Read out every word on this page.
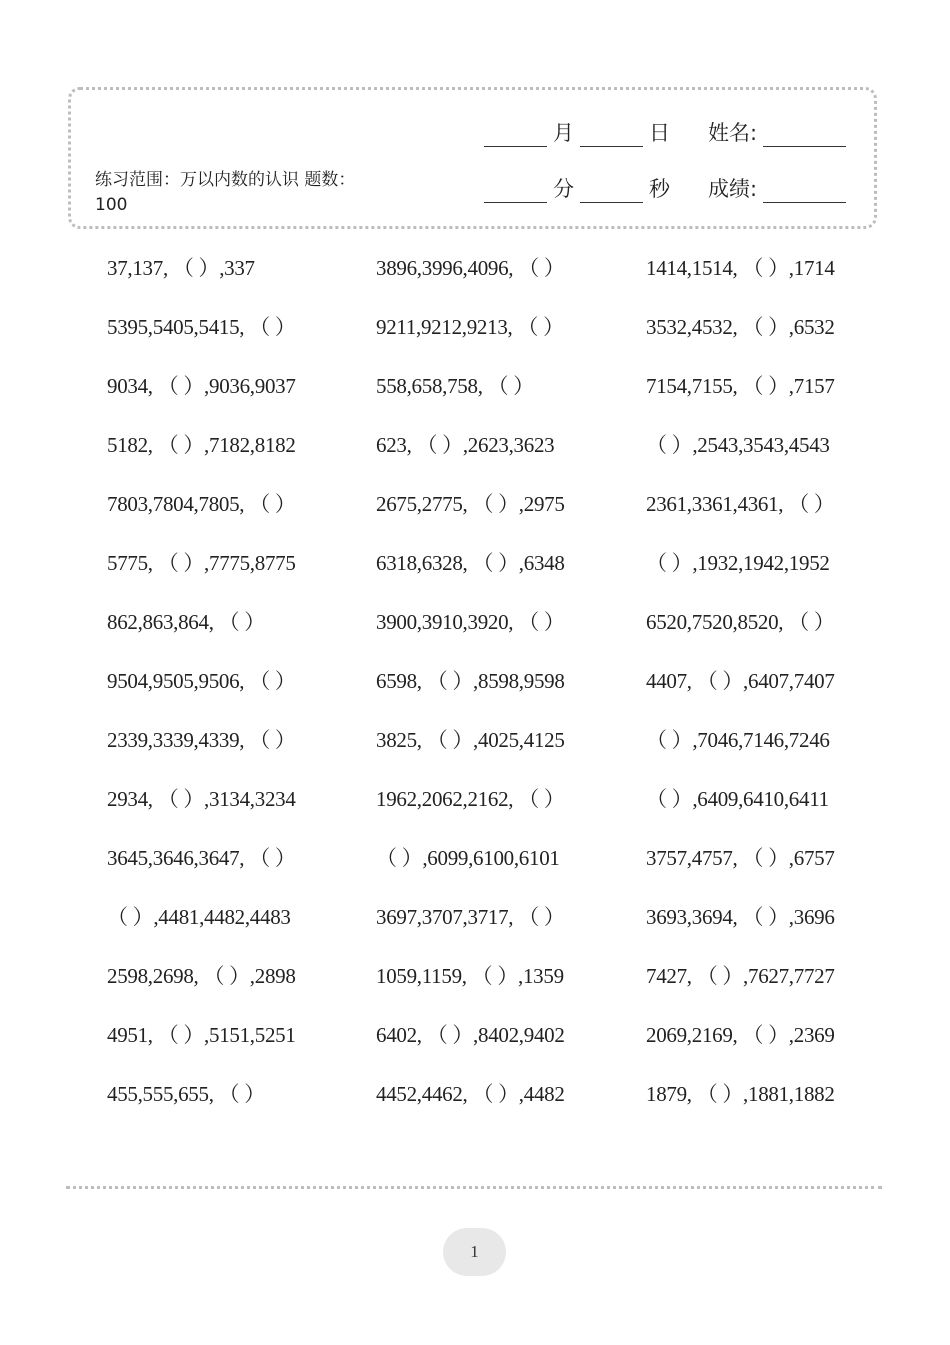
练习范围：万以内数的认识 题数：100
月	日 姓名:
分	秒 成绩:
37,137, （ ）,337	3896,3996,4096, （ ）	1414,1514, （ ）,1714
5395,5405,5415, （ ）	9211,9212,9213, （ ）	3532,4532, （ ）,6532
9034, （ ）,9036,9037	558,658,758, （ ）	7154,7155, （ ）,7157
5182, （ ）,7182,8182	623, （ ）,2623,3623	（ ）,2543,3543,4543
7803,7804,7805, （ ）	2675,2775, （ ）,2975	2361,3361,4361, （ ）
5775, （ ）,7775,8775	6318,6328, （ ）,6348	（ ）,1932,1942,1952
862,863,864, （ ）	3900,3910,3920, （ ）	6520,7520,8520, （ ）
9504,9505,9506, （ ）	6598, （ ）,8598,9598	4407, （ ）,6407,7407
2339,3339,4339, （ ）	3825, （ ）,4025,4125	（ ）,7046,7146,7246
2934, （ ）,3134,3234	1962,2062,2162, （ ）	（ ）,6409,6410,6411
3645,3646,3647, （ ）	（ ）,6099,6100,6101	3757,4757, （ ）,6757
（ ）,4481,4482,4483	3697,3707,3717, （ ）	3693,3694, （ ）,3696
2598,2698, （ ）,2898	1059,1159, （ ）,1359	7427, （ ）,7627,7727
4951, （ ）,5151,5251	6402, （ ）,8402,9402	2069,2169, （ ）,2369
455,555,655, （ ）	4452,4462, （ ）,4482	1879, （ ）,1881,1882
1
